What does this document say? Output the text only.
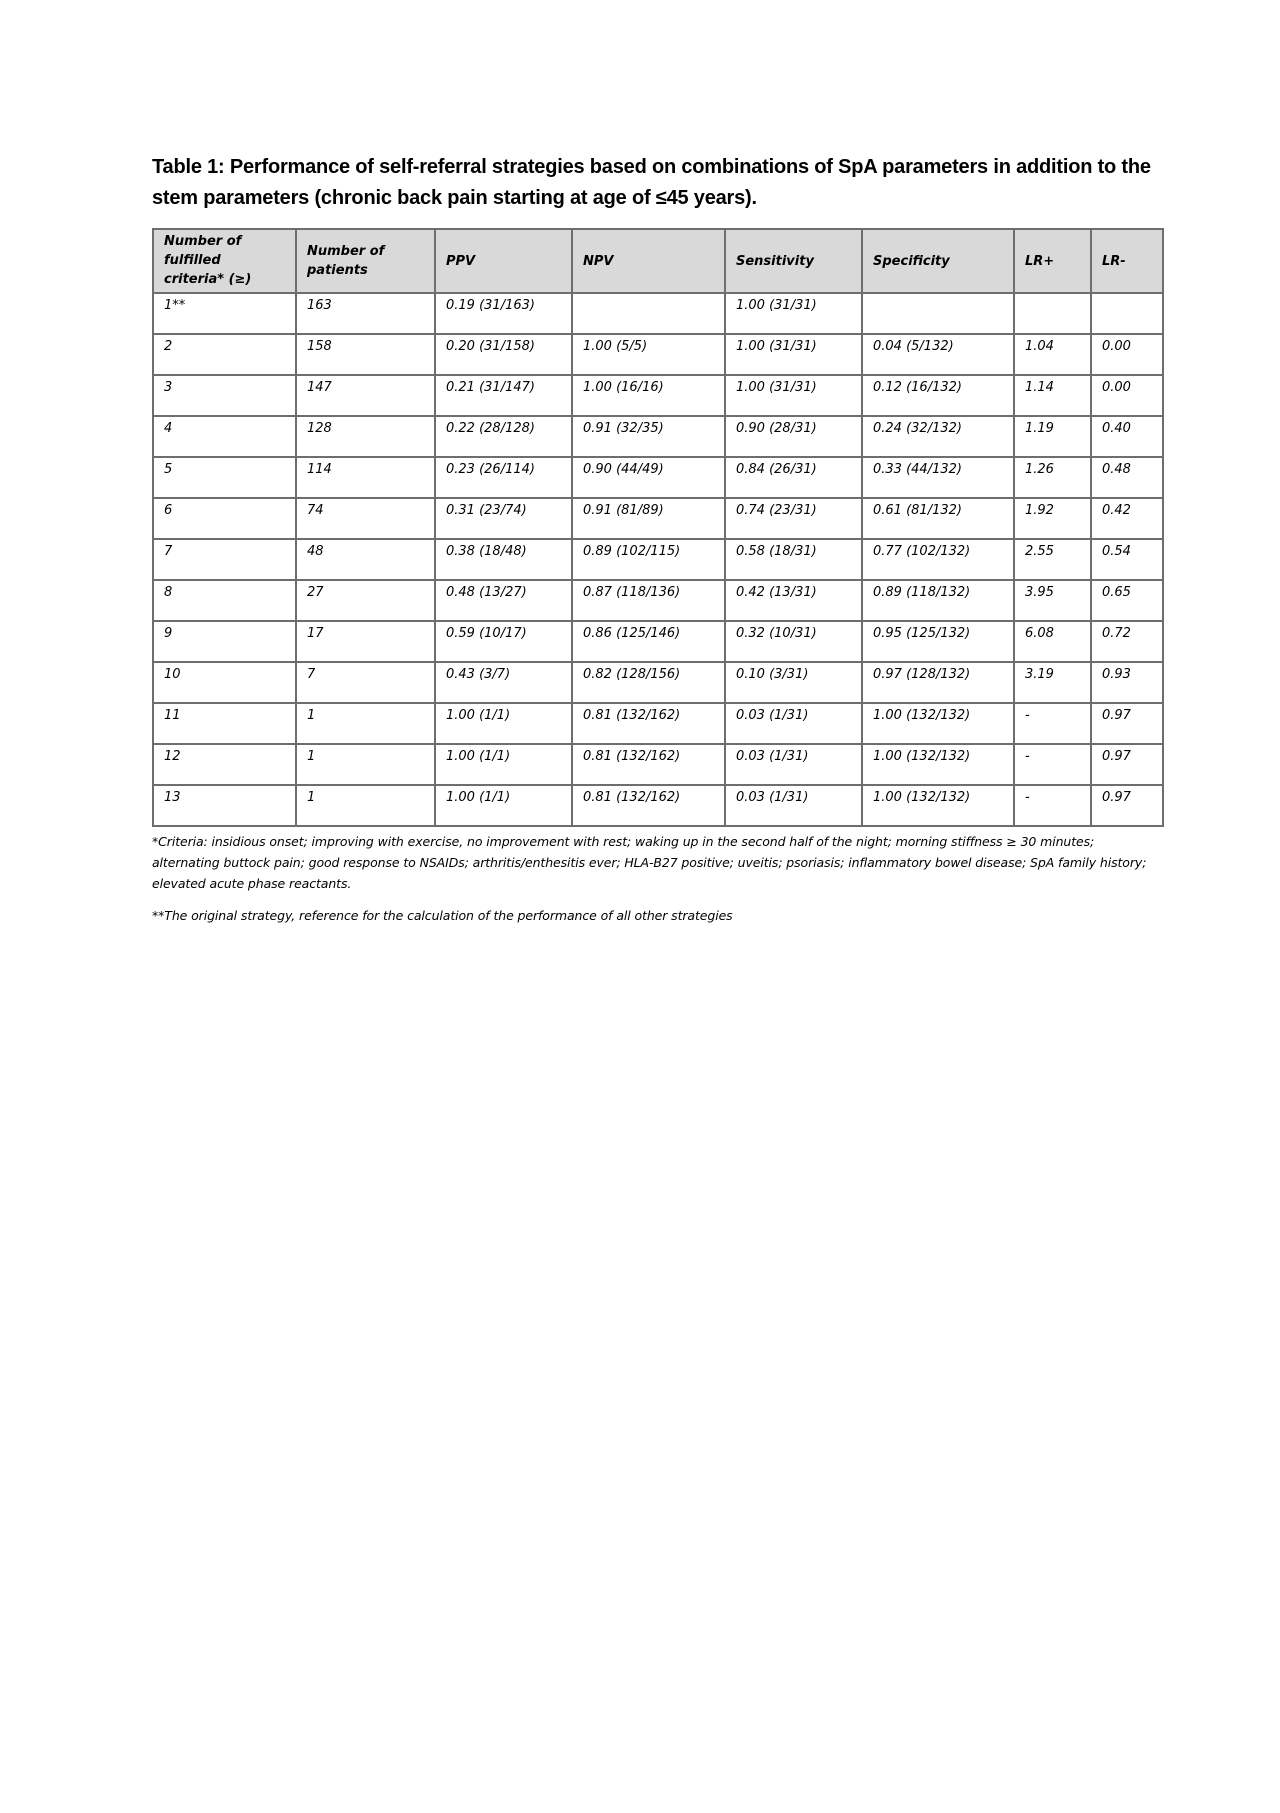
Table 1: Performance of self-referral strategies based on combinations of SpA parameters in addition to the stem parameters (chronic back pain starting at age of ≤45 years).
Number of fulfilled criteria* (≥)	Number of patients	PPV	NPV	Sensitivity	Specificity	LR+	LR-
1**	163	0.19 (31/163)		1.00 (31/31)			
2	158	0.20 (31/158)	1.00 (5/5)	1.00 (31/31)	0.04 (5/132)	1.04	0.00
3	147	0.21 (31/147)	1.00 (16/16)	1.00 (31/31)	0.12 (16/132)	1.14	0.00
4	128	0.22 (28/128)	0.91 (32/35)	0.90 (28/31)	0.24 (32/132)	1.19	0.40
5	114	0.23 (26/114)	0.90 (44/49)	0.84 (26/31)	0.33 (44/132)	1.26	0.48
6	74	0.31 (23/74)	0.91 (81/89)	0.74 (23/31)	0.61 (81/132)	1.92	0.42
7	48	0.38 (18/48)	0.89 (102/115)	0.58 (18/31)	0.77 (102/132)	2.55	0.54
8	27	0.48 (13/27)	0.87 (118/136)	0.42 (13/31)	0.89 (118/132)	3.95	0.65
9	17	0.59 (10/17)	0.86 (125/146)	0.32 (10/31)	0.95 (125/132)	6.08	0.72
10	7	0.43 (3/7)	0.82 (128/156)	0.10 (3/31)	0.97 (128/132)	3.19	0.93
11	1	1.00 (1/1)	0.81 (132/162)	0.03 (1/31)	1.00 (132/132)	-	0.97
12	1	1.00 (1/1)	0.81 (132/162)	0.03 (1/31)	1.00 (132/132)	-	0.97
13	1	1.00 (1/1)	0.81 (132/162)	0.03 (1/31)	1.00 (132/132)	-	0.97

*Criteria: insidious onset; improving with exercise, no improvement with rest; waking up in the second half of the night; morning stiffness ≥ 30 minutes; alternating buttock pain; good response to NSAIDs; arthritis/enthesitis ever; HLA-B27 positive; uveitis; psoriasis; inflammatory bowel disease; SpA family history; elevated acute phase reactants.

**The original strategy, reference for the calculation of the performance of all other strategies
